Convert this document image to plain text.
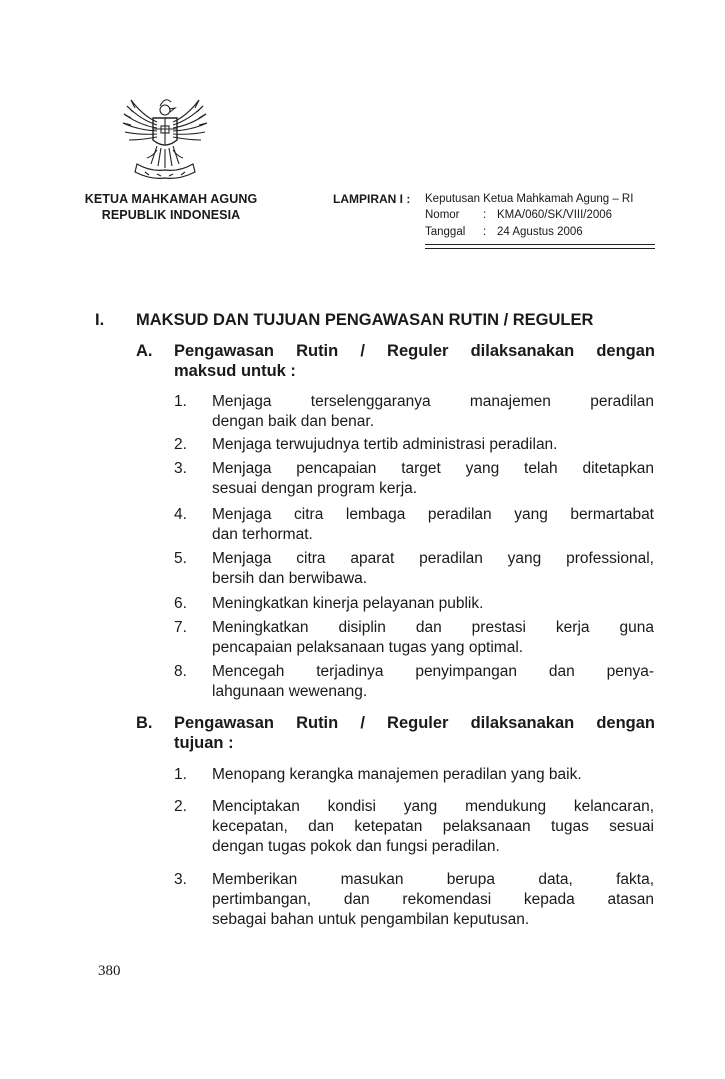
KETUA MAHKAMAH AGUNG
REPUBLIK INDONESIA
LAMPIRAN I : Keputusan Ketua Mahkamah Agung – RI
Nomor	: KMA/060/SK/VIII/2006
Tanggal	: 24 Agustus 2006
I. MAKSUD DAN TUJUAN PENGAWASAN RUTIN / REGULER
A. Pengawasan Rutin / Reguler dilaksanakan dengan
maksud untuk :
1. Menjaga terselenggaranya manajemen peradilan
dengan baik dan benar.
2. Menjaga terwujudnya tertib administrasi peradilan.
3. Menjaga pencapaian target yang telah ditetapkan
sesuai dengan program kerja.
4. Menjaga citra lembaga peradilan yang bermartabat
dan terhormat.
5. Menjaga citra aparat peradilan yang professional,
bersih dan berwibawa.
6. Meningkatkan kinerja pelayanan publik.
7. Meningkatkan disiplin dan prestasi kerja guna
pencapaian pelaksanaan tugas yang optimal.
8. Mencegah terjadinya penyimpangan dan penya-
lahgunaan wewenang.
B. Pengawasan Rutin / Reguler dilaksanakan dengan
tujuan :
1. Menopang kerangka manajemen peradilan yang baik.
2. Menciptakan kondisi yang mendukung kelancaran,
kecepatan, dan ketepatan pelaksanaan tugas sesuai
dengan tugas pokok dan fungsi peradilan.
3. Memberikan masukan berupa data, fakta,
pertimbangan, dan rekomendasi kepada atasan
sebagai bahan untuk pengambilan keputusan.
380
